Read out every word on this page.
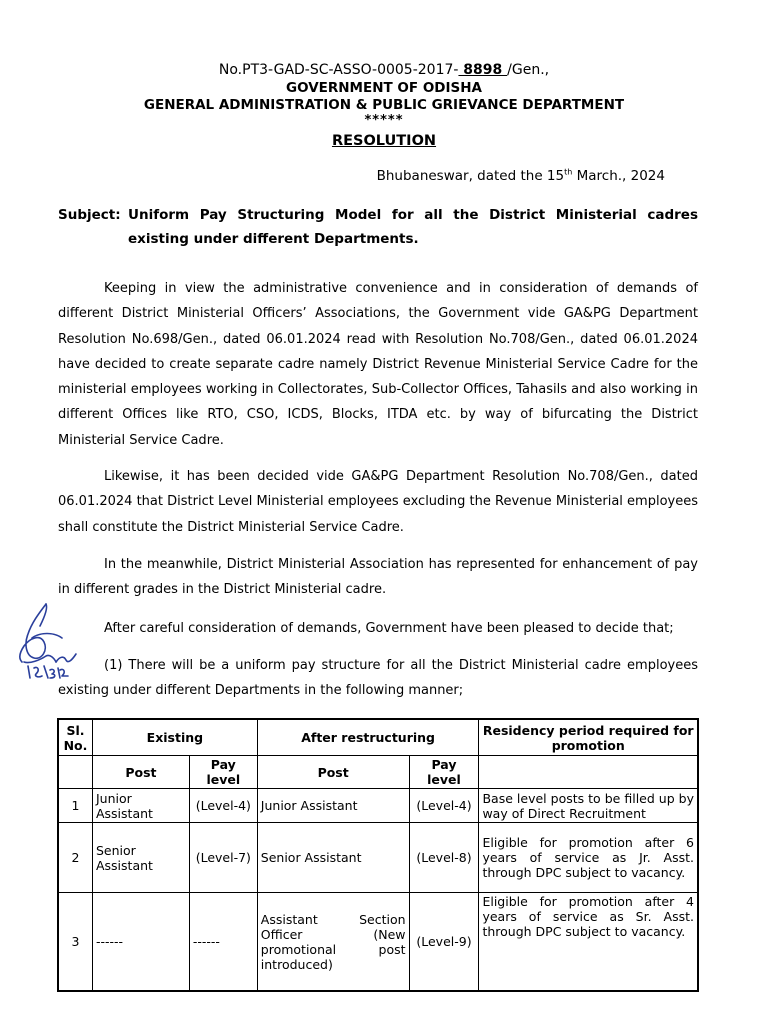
No.PT3-GAD-SC-ASSO-0005-2017- 8898 /Gen.,
GOVERNMENT OF ODISHA
GENERAL ADMINISTRATION & PUBLIC GRIEVANCE DEPARTMENT
*****
RESOLUTION
Bhubaneswar, dated the 15th March., 2024
Subject: Uniform Pay Structuring Model for all the District Ministerial cadres
existing under different Departments.
Keeping in view the administrative convenience and in consideration of demands of different District Ministerial Officers’ Associations, the Government vide GA&PG Department Resolution No.698/Gen., dated 06.01.2024 read with Resolution No.708/Gen., dated 06.01.2024 have decided to create separate cadre namely District Revenue Ministerial Service Cadre for the ministerial employees working in Collectorates, Sub-Collector Offices, Tahasils and also working in different Offices like RTO, CSO, ICDS, Blocks, ITDA etc. by way of bifurcating the District Ministerial Service Cadre.
Likewise, it has been decided vide GA&PG Department Resolution No.708/Gen., dated 06.01.2024 that District Level Ministerial employees excluding the Revenue Ministerial employees shall constitute the District Ministerial Service Cadre.
In the meanwhile, District Ministerial Association has represented for enhancement of pay in different grades in the District Ministerial cadre.
After careful consideration of demands, Government have been pleased to decide that;
(1) There will be a uniform pay structure for all the District Ministerial cadre employees existing under different Departments in the following manner;
Sl. No.	Existing		After restructuring		Residency period required for promotion
	Post	Pay level	Post	Pay level	
1	Junior Assistant	(Level-4)	Junior Assistant	(Level-4)	Base level posts to be filled up by way of Direct Recruitment
2	Senior Assistant	(Level-7)	Senior Assistant	(Level-8)	Eligible for promotion after 6 years of service as Jr. Asst. through DPC subject to vacancy.
3	------	------	Assistant Section Officer (New promotional post introduced)	(Level-9)	Eligible for promotion after 4 years of service as Sr. Asst. through DPC subject to vacancy.
